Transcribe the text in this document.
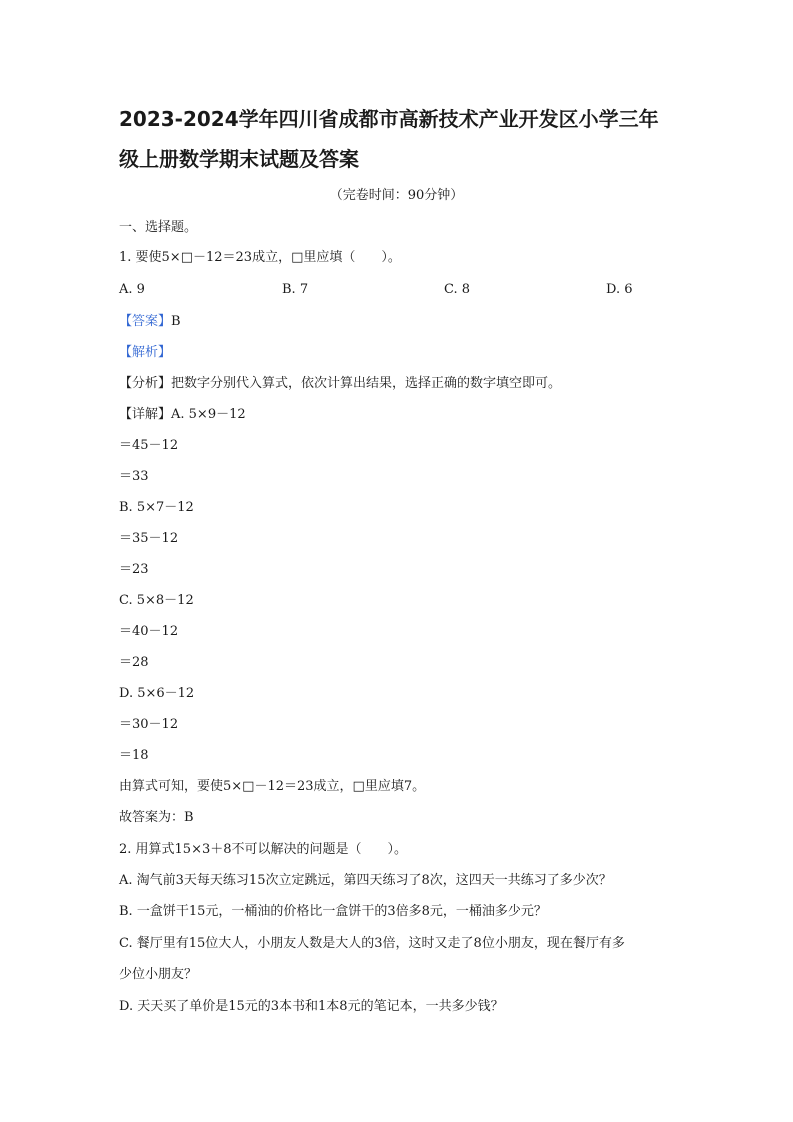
2023-2024学年四川省成都市高新技术产业开发区小学三年
级上册数学期末试题及答案
（完卷时间：90分钟）
一、选择题。
1. 要使5×□－12＝23成立，□里应填（　　）。
A. 9	B. 7	C. 8	D. 6
【答案】B
【解析】
【分析】把数字分别代入算式，依次计算出结果，选择正确的数字填空即可。
【详解】A. 5×9－12
＝45－12
＝33
B. 5×7－12
＝35－12
＝23
C. 5×8－12
＝40－12
＝28
D. 5×6－12
＝30－12
＝18
由算式可知，要使5×□－12＝23成立，□里应填7。
故答案为：B
2. 用算式15×3＋8不可以解决的问题是（　　）。
A. 淘气前3天每天练习15次立定跳远，第四天练习了8次，这四天一共练习了多少次？
B. 一盒饼干15元，一桶油的价格比一盒饼干的3倍多8元，一桶油多少元？
C. 餐厅里有15位大人，小朋友人数是大人的3倍，这时又走了8位小朋友，现在餐厅有多
少位小朋友？
D. 天天买了单价是15元的3本书和1本8元的笔记本，一共多少钱？
